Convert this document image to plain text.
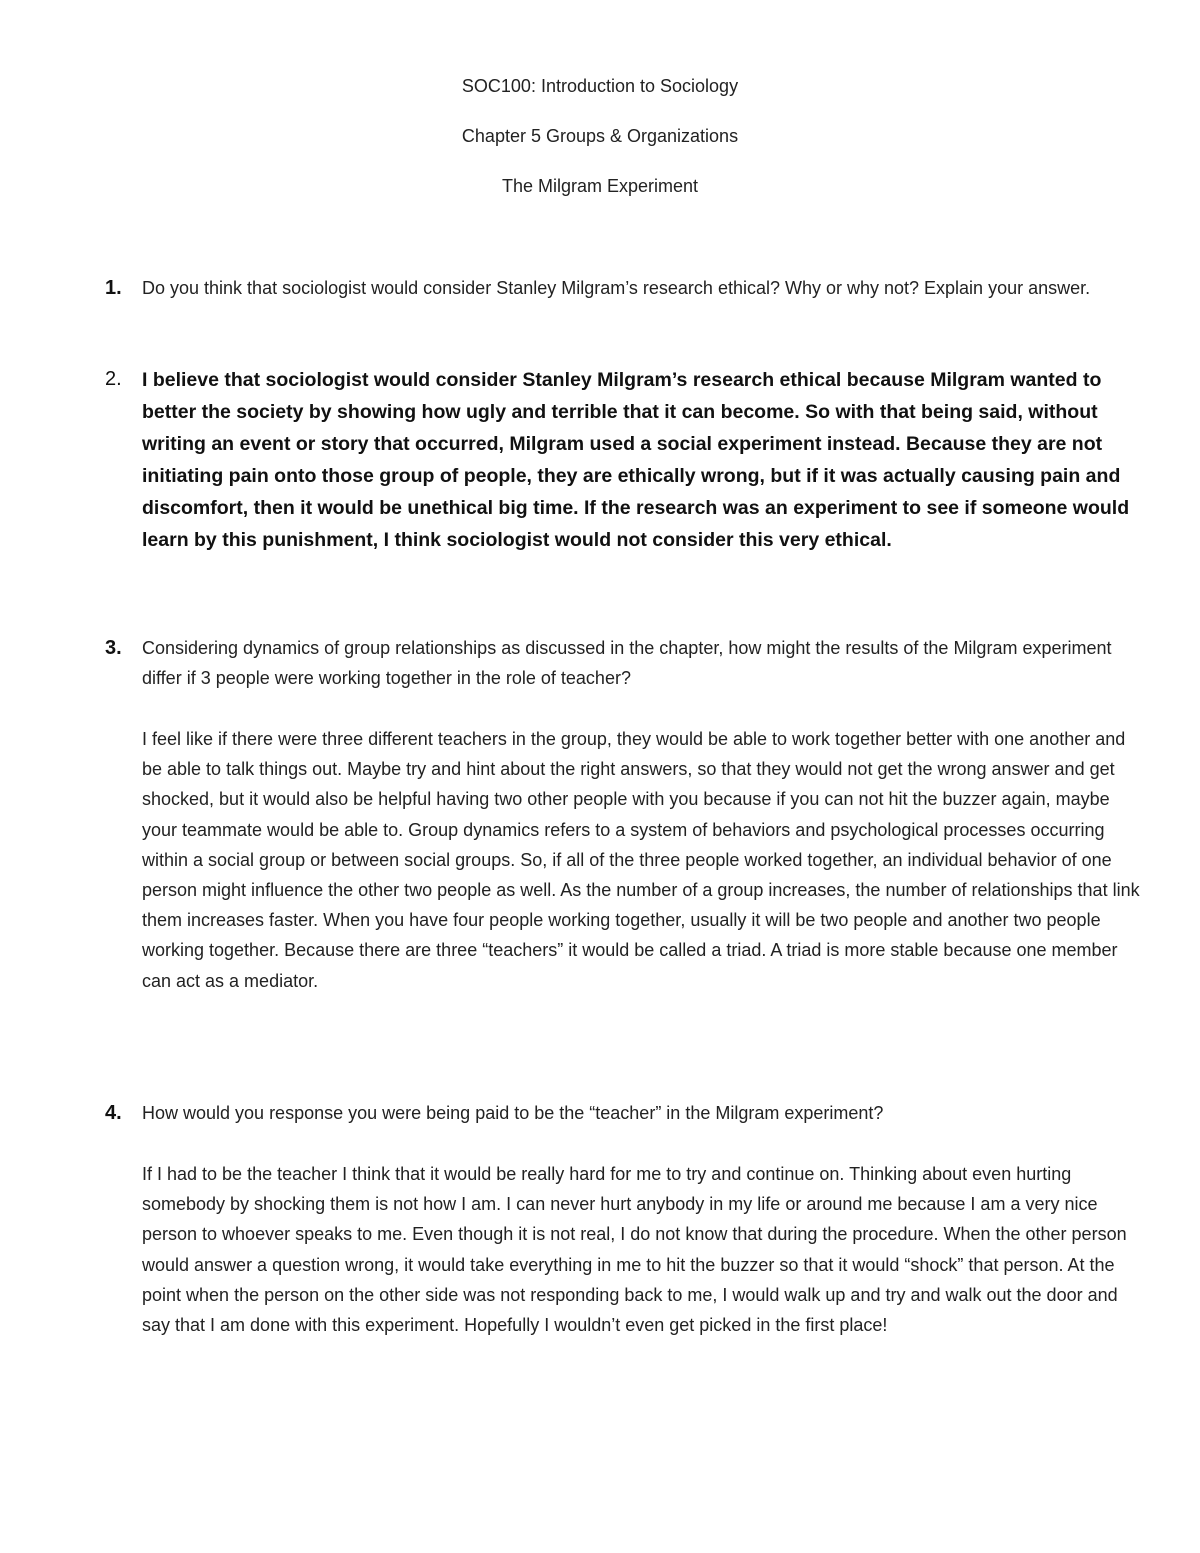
SOC100: Introduction to Sociology
Chapter 5 Groups & Organizations
The Milgram Experiment
1. Do you think that sociologist would consider Stanley Milgram’s research ethical? Why or why not? Explain your answer.
2. I believe that sociologist would consider Stanley Milgram’s research ethical because Milgram wanted to better the society by showing how ugly and terrible that it can become. So with that being said, without writing an event or story that occurred, Milgram used a social experiment instead. Because they are not initiating pain onto those group of people, they are ethically wrong, but if it was actually causing pain and discomfort, then it would be unethical big time. If the research was an experiment to see if someone would learn by this punishment, I think sociologist would not consider this very ethical.
3. Considering dynamics of group relationships as discussed in the chapter, how might the results of the Milgram experiment differ if 3 people were working together in the role of teacher?
I feel like if there were three different teachers in the group, they would be able to work together better with one another and be able to talk things out. Maybe try and hint about the right answers, so that they would not get the wrong answer and get shocked, but it would also be helpful having two other people with you because if you can not hit the buzzer again, maybe your teammate would be able to. Group dynamics refers to a system of behaviors and psychological processes occurring within a social group or between social groups. So, if all of the three people worked together, an individual behavior of one person might influence the other two people as well. As the number of a group increases, the number of relationships that link them increases faster. When you have four people working together, usually it will be two people and another two people working together. Because there are three “teachers” it would be called a triad. A triad is more stable because one member can act as a mediator.
4. How would you response you were being paid to be the “teacher” in the Milgram experiment?
If I had to be the teacher I think that it would be really hard for me to try and continue on. Thinking about even hurting somebody by shocking them is not how I am. I can never hurt anybody in my life or around me because I am a very nice person to whoever speaks to me. Even though it is not real, I do not know that during the procedure. When the other person would answer a question wrong, it would take everything in me to hit the buzzer so that it would “shock” that person. At the point when the person on the other side was not responding back to me, I would walk up and try and walk out the door and say that I am done with this experiment. Hopefully I wouldn’t even get picked in the first place!
